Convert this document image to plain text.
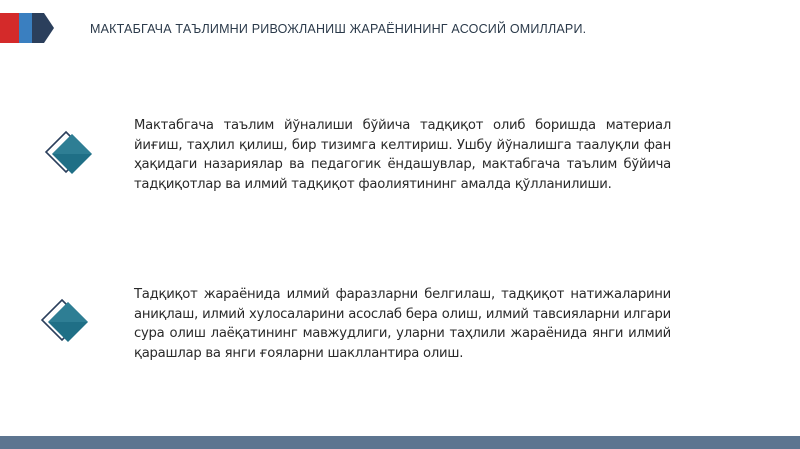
МАКТАБГАЧА ТАЪЛИМНИ РИВОЖЛАНИШ ЖАРАЁНИНИНГ АСОСИЙ ОМИЛЛАРИ.
Мактабгача таълим йўналиши бўйича тадқиқот олиб боришда материал йиғиш, таҳлил қилиш, бир тизимга келтириш. Ушбу йўналишга таалуқли фан ҳақидаги назариялар ва педагогик ёндашувлар, мактабгача таълим бўйича тадқиқотлар ва илмий тадқиқот фаолиятининг амалда қўлланилиши.
Тадқиқот жараёнида илмий фаразларни белгилаш, тадқиқот натижаларини аниқлаш, илмий хулосаларини асослаб бера олиш, илмий тавсияларни илгари сура олиш лаёқатининг мавжудлиги, уларни таҳлили жараёнида янги илмий қарашлар ва янги ғояларни шакллантира олиш.
